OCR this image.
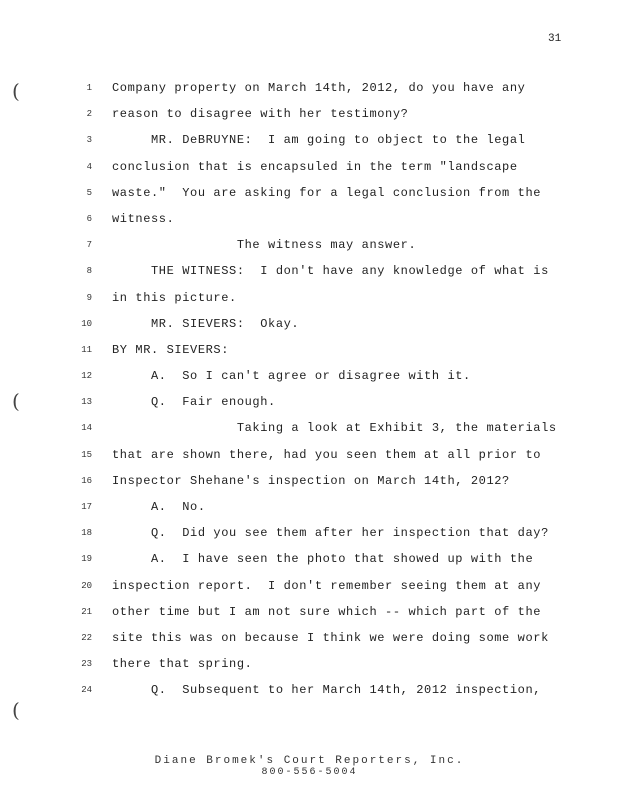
31
(
(
(
1 Company property on March 14th, 2012, do you have any
2 reason to disagree with her testimony?
3 MR. DeBRUYNE:  I am going to object to the legal
4 conclusion that is encapsuled in the term "landscape
5 waste."  You are asking for a legal conclusion from the
6 witness.
7 The witness may answer.
8 THE WITNESS:  I don't have any knowledge of what is
9 in this picture.
10 MR. SIEVERS:  Okay.
11 BY MR. SIEVERS:
12 A.  So I can't agree or disagree with it.
13 Q.  Fair enough.
14 Taking a look at Exhibit 3, the materials
15 that are shown there, had you seen them at all prior to
16 Inspector Shehane's inspection on March 14th, 2012?
17 A.  No.
18 Q.  Did you see them after her inspection that day?
19 A.  I have seen the photo that showed up with the
20 inspection report.  I don't remember seeing them at any
21 other time but I am not sure which -- which part of the
22 site this was on because I think we were doing some work
23 there that spring.
24 Q.  Subsequent to her March 14th, 2012 inspection,
Diane Bromek's Court Reporters, Inc.
800-556-5004
